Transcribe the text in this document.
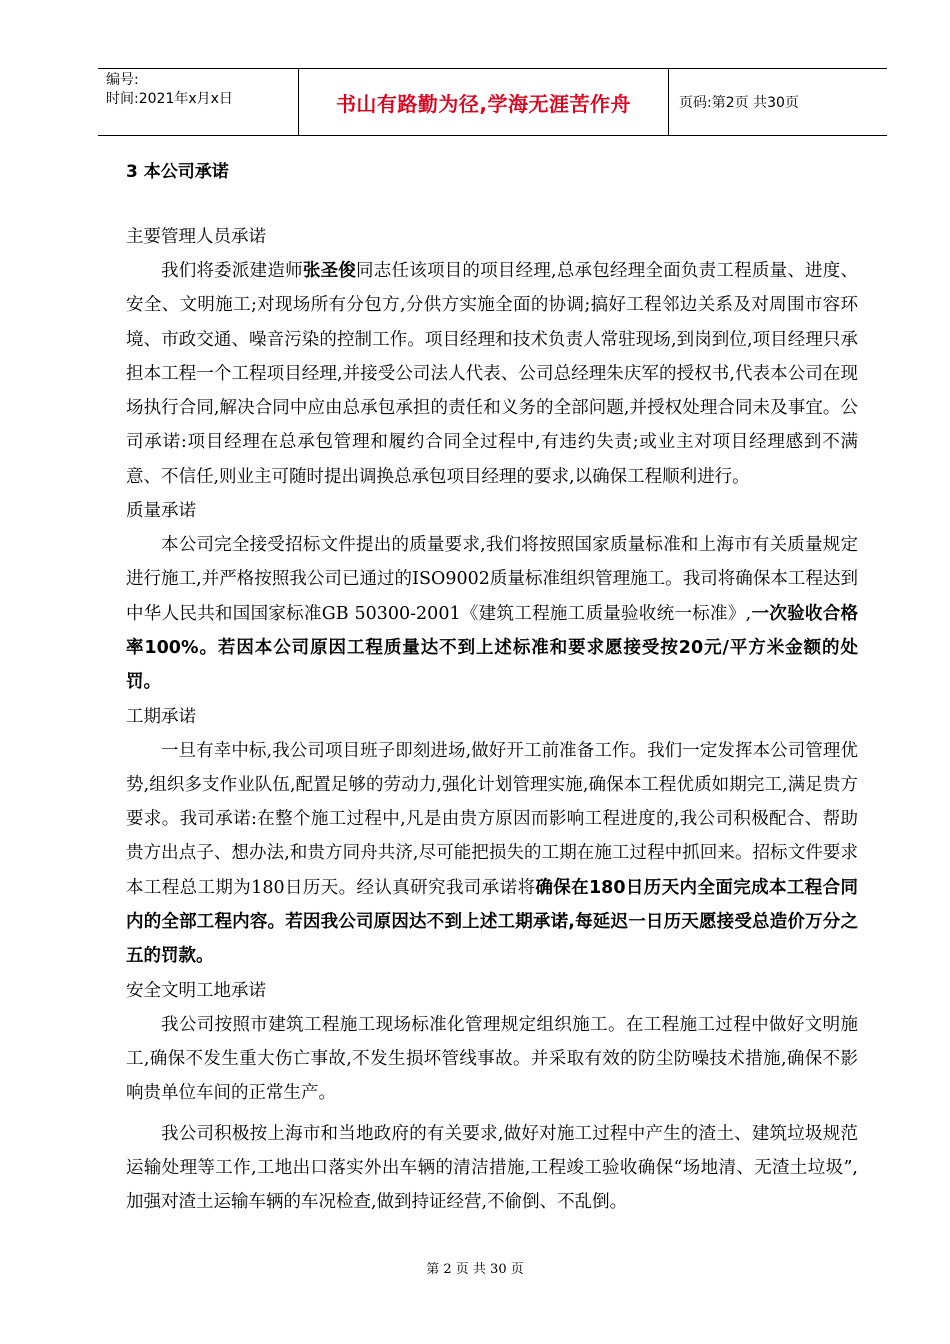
编号:
时间:2021年x月x日	书山有路勤为径,学海无涯苦作舟	页码:第2页 共30页
3 本公司承诺
主要管理人员承诺
我们将委派建造师张圣俊同志任该项目的项目经理,总承包经理全面负责工程质量、进度、安全、文明施工;对现场所有分包方,分供方实施全面的协调;搞好工程邻边关系及对周围市容环境、市政交通、噪音污染的控制工作。项目经理和技术负责人常驻现场,到岗到位,项目经理只承担本工程一个工程项目经理,并接受公司法人代表、公司总经理朱庆军的授权书,代表本公司在现场执行合同,解决合同中应由总承包承担的责任和义务的全部问题,并授权处理合同未及事宜。公司承诺:项目经理在总承包管理和履约合同全过程中,有违约失责;或业主对项目经理感到不满意、不信任,则业主可随时提出调换总承包项目经理的要求,以确保工程顺利进行。
质量承诺
本公司完全接受招标文件提出的质量要求,我们将按照国家质量标准和上海市有关质量规定进行施工,并严格按照我公司已通过的ISO9002质量标准组织管理施工。我司将确保本工程达到中华人民共和国国家标准GB 50300-2001《建筑工程施工质量验收统一标准》,一次验收合格率100%。若因本公司原因工程质量达不到上述标准和要求愿接受按20元/平方米金额的处罚。
工期承诺
一旦有幸中标,我公司项目班子即刻进场,做好开工前准备工作。我们一定发挥本公司管理优势,组织多支作业队伍,配置足够的劳动力,强化计划管理实施,确保本工程优质如期完工,满足贵方要求。我司承诺:在整个施工过程中,凡是由贵方原因而影响工程进度的,我公司积极配合、帮助贵方出点子、想办法,和贵方同舟共济,尽可能把损失的工期在施工过程中抓回来。招标文件要求本工程总工期为180日历天。经认真研究我司承诺将确保在180日历天内全面完成本工程合同内的全部工程内容。若因我公司原因达不到上述工期承诺,每延迟一日历天愿接受总造价万分之五的罚款。
安全文明工地承诺
我公司按照市建筑工程施工现场标准化管理规定组织施工。在工程施工过程中做好文明施工,确保不发生重大伤亡事故,不发生损坏管线事故。并采取有效的防尘防噪技术措施,确保不影响贵单位车间的正常生产。
我公司积极按上海市和当地政府的有关要求,做好对施工过程中产生的渣土、建筑垃圾规范运输处理等工作,工地出口落实外出车辆的清洁措施,工程竣工验收确保“场地清、无渣土垃圾”,加强对渣土运输车辆的车况检查,做到持证经营,不偷倒、不乱倒。
第 2 页 共 30 页
